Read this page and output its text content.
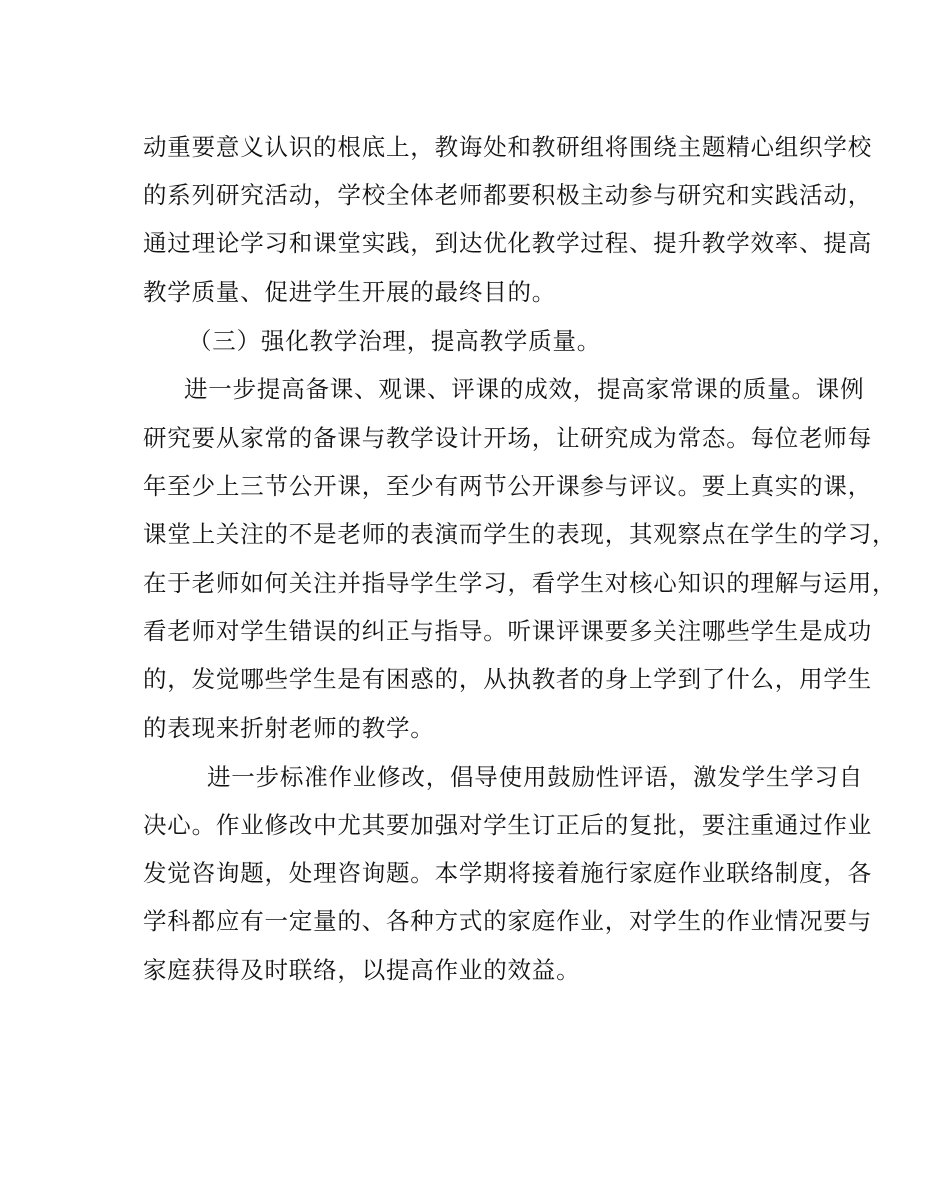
动重要意义认识的根底上，教诲处和教研组将围绕主题精心组织学校
的系列研究活动，学校全体老师都要积极主动参与研究和实践活动，
通过理论学习和课堂实践，到达优化教学过程、提升教学效率、提高
教学质量、促进学生开展的最终目的。
（三）强化教学治理，提高教学质量。
进一步提高备课、观课、评课的成效，提高家常课的质量。课例
研究要从家常的备课与教学设计开场，让研究成为常态。每位老师每
年至少上三节公开课，至少有两节公开课参与评议。要上真实的课，
课堂上关注的不是老师的表演而学生的表现，其观察点在学生的学习，
在于老师如何关注并指导学生学习，看学生对核心知识的理解与运用，
看老师对学生错误的纠正与指导。听课评课要多关注哪些学生是成功
的，发觉哪些学生是有困惑的，从执教者的身上学到了什么，用学生
的表现来折射老师的教学。
进一步标准作业修改，倡导使用鼓励性评语，激发学生学习自
决心。作业修改中尤其要加强对学生订正后的复批，要注重通过作业
发觉咨询题，处理咨询题。本学期将接着施行家庭作业联络制度，各
学科都应有一定量的、各种方式的家庭作业，对学生的作业情况要与
家庭获得及时联络，以提高作业的效益。
